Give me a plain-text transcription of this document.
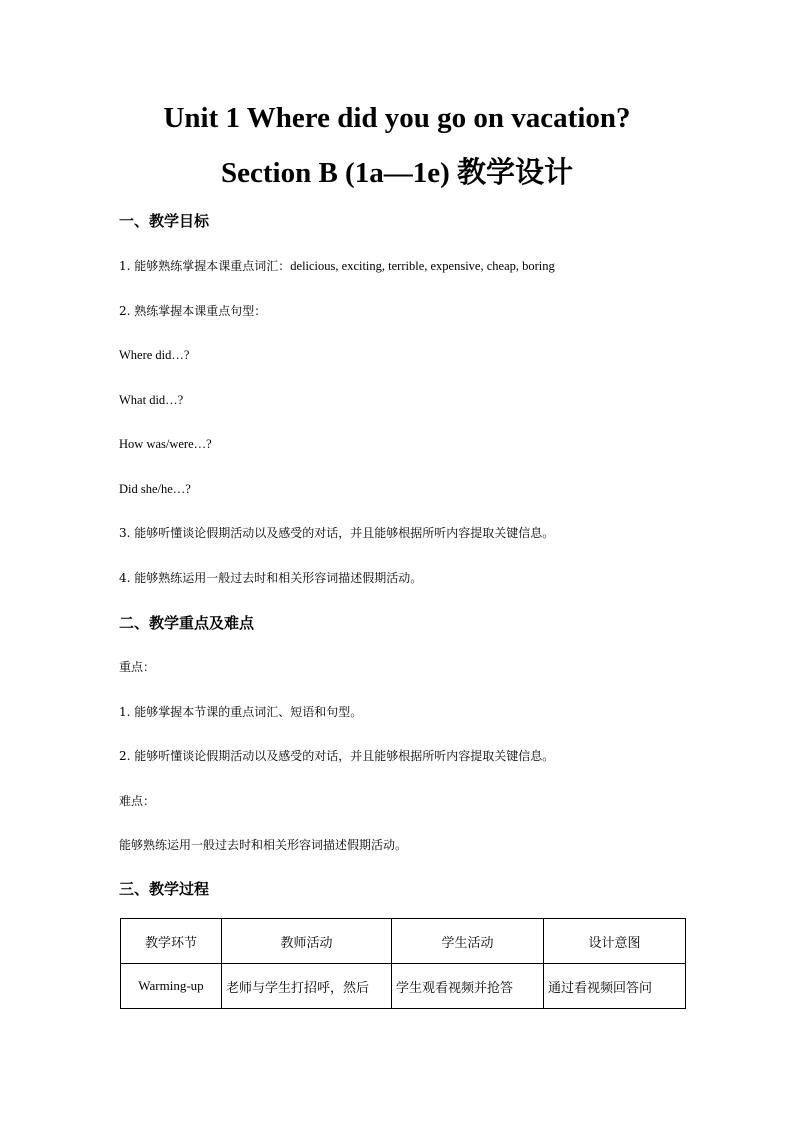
Unit 1 Where did you go on vacation?
Section B (1a—1e) 教学设计
一、教学目标
1. 能够熟练掌握本课重点词汇：delicious, exciting, terrible, expensive, cheap, boring
2. 熟练掌握本课重点句型：
Where did…?
What did…?
How was/were…?
Did she/he…?
3. 能够听懂谈论假期活动以及感受的对话，并且能够根据所听内容提取关键信息。
4. 能够熟练运用一般过去时和相关形容词描述假期活动。
二、教学重点及难点
重点：
1. 能够掌握本节课的重点词汇、短语和句型。
2. 能够听懂谈论假期活动以及感受的对话，并且能够根据所听内容提取关键信息。
难点：
能够熟练运用一般过去时和相关形容词描述假期活动。
三、教学过程
教学环节	教师活动	学生活动	设计意图
Warming-up	老师与学生打招呼，然后	学生观看视频并抢答	通过看视频回答问
